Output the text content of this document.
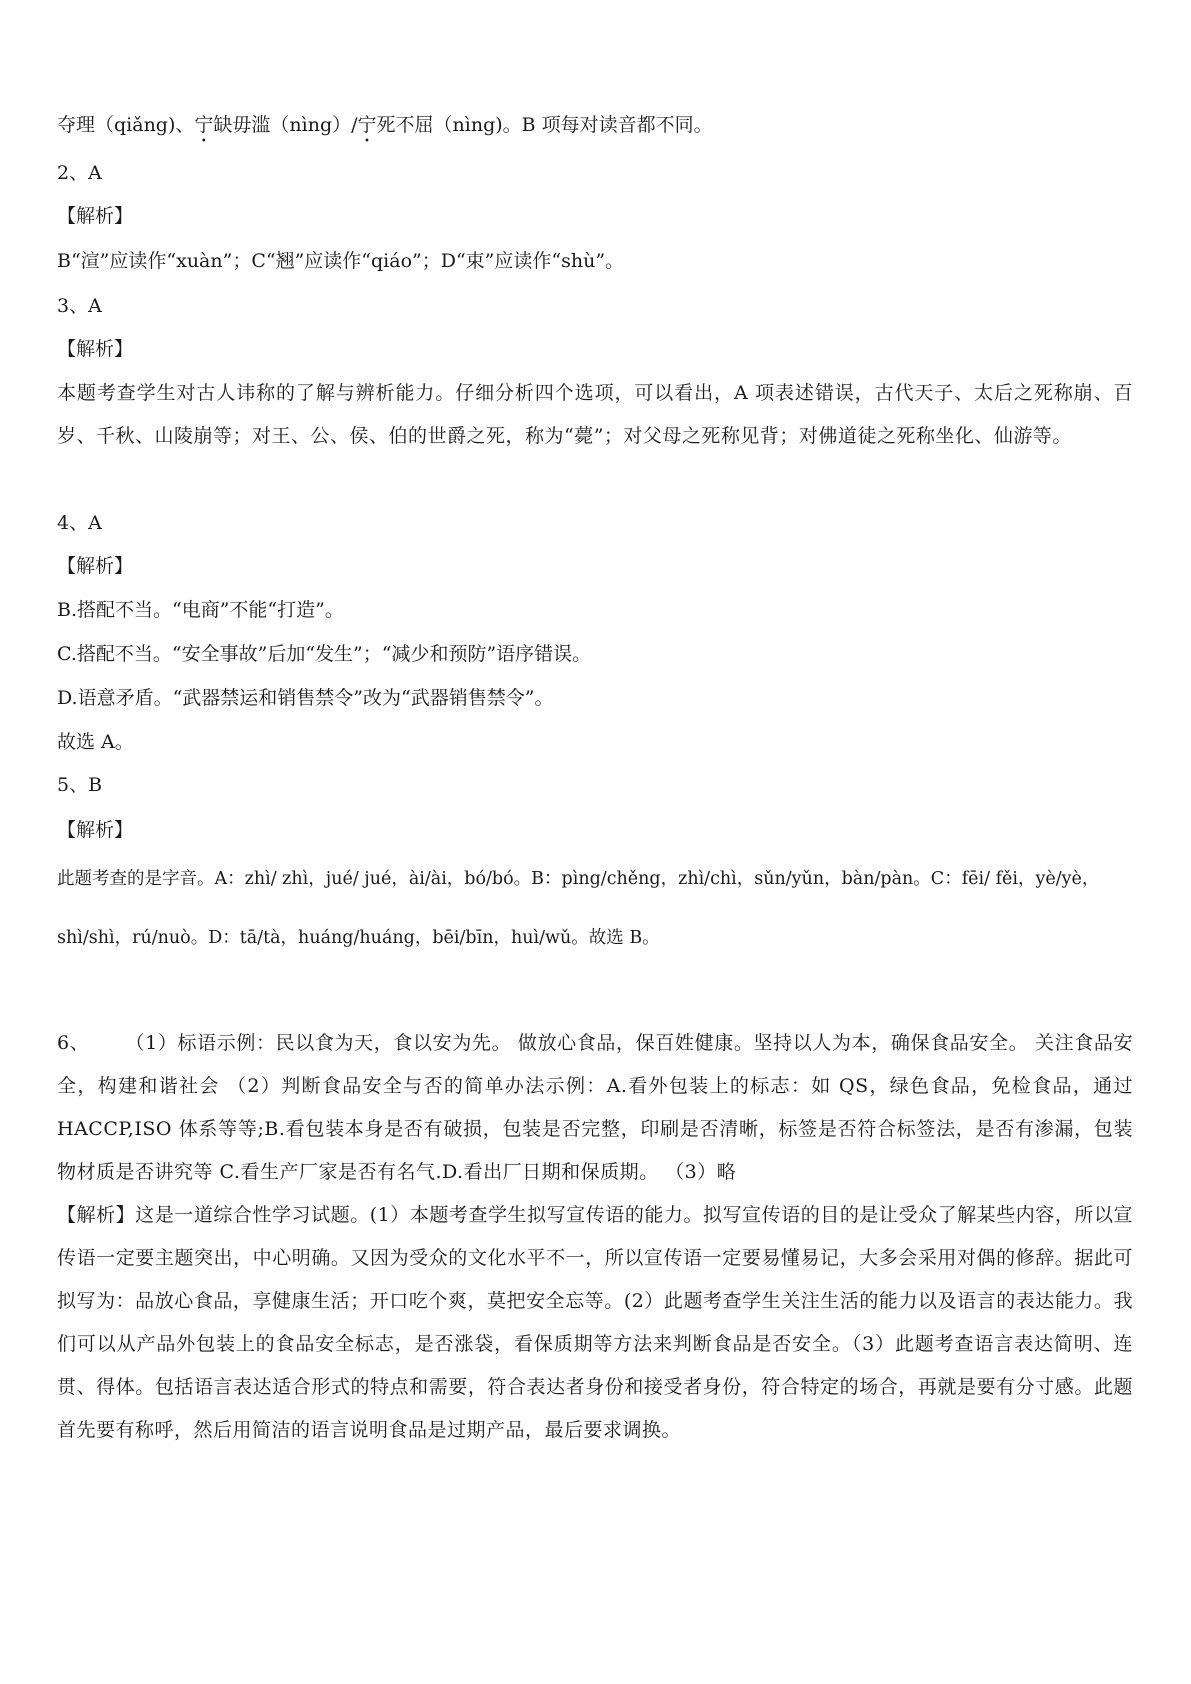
夺理（qiǎng)、宁缺毋滥（nìng）/宁死不屈（nìng)。B 项每对读音都不同。
2、A
【解析】
B“渲”应读作“xuàn”；C“翘”应读作“qiáo”；D“束”应读作“shù”。
3、A
【解析】
本题考查学生对古人讳称的了解与辨析能力。仔细分析四个选项，可以看出，A 项表述错误，古代天子、太后之死称崩、百岁、千秋、山陵崩等；对王、公、侯、伯的世爵之死，称为“薨”；对父母之死称见背；对佛道徒之死称坐化、仙游等。
4、A
【解析】
B.搭配不当。“电商”不能“打造”。
C.搭配不当。“安全事故”后加“发生”；“减少和预防”语序错误。
D.语意矛盾。“武器禁运和销售禁令”改为“武器销售禁令”。
故选 A。
5、B
【解析】
此题考查的是字音。A：zhì/ zhì，jué/ jué，ài/ài，bó/bó。B：pìng/chěng，zhì/chì，sǔn/yǔn，bàn/pàn。C：fēi/ fěi，yè/yè，
shì/shì，rú/nuò。D：tā/tà，huáng/huáng，bēi/bīn，huì/wǔ。故选 B。
6、 （1）标语示例：民以食为天，食以安为先。 做放心食品，保百姓健康。坚持以人为本，确保食品安全。 关注食品安全，构建和谐社会 （2）判断食品安全与否的简单办法示例：A.看外包装上的标志：如 QS，绿色食品，免检食品，通过 HACCP,ISO 体系等等;B.看包装本身是否有破损，包装是否完整，印刷是否清晰，标签是否符合标签法，是否有渗漏，包装物材质是否讲究等 C.看生产厂家是否有名气.D.看出厂日期和保质期。 （3）略
【解析】这是一道综合性学习试题。(1）本题考查学生拟写宣传语的能力。拟写宣传语的目的是让受众了解某些内容，所以宣传语一定要主题突出，中心明确。又因为受众的文化水平不一，所以宣传语一定要易懂易记，大多会采用对偶的修辞。据此可拟写为：品放心食品，享健康生活；开口吃个爽，莫把安全忘等。(2）此题考查学生关注生活的能力以及语言的表达能力。我们可以从产品外包装上的食品安全标志，是否涨袋，看保质期等方法来判断食品是否安全。（3）此题考查语言表达简明、连贯、得体。包括语言表达适合形式的特点和需要，符合表达者身份和接受者身份，符合特定的场合，再就是要有分寸感。此题首先要有称呼，然后用简洁的语言说明食品是过期产品，最后要求调换。
